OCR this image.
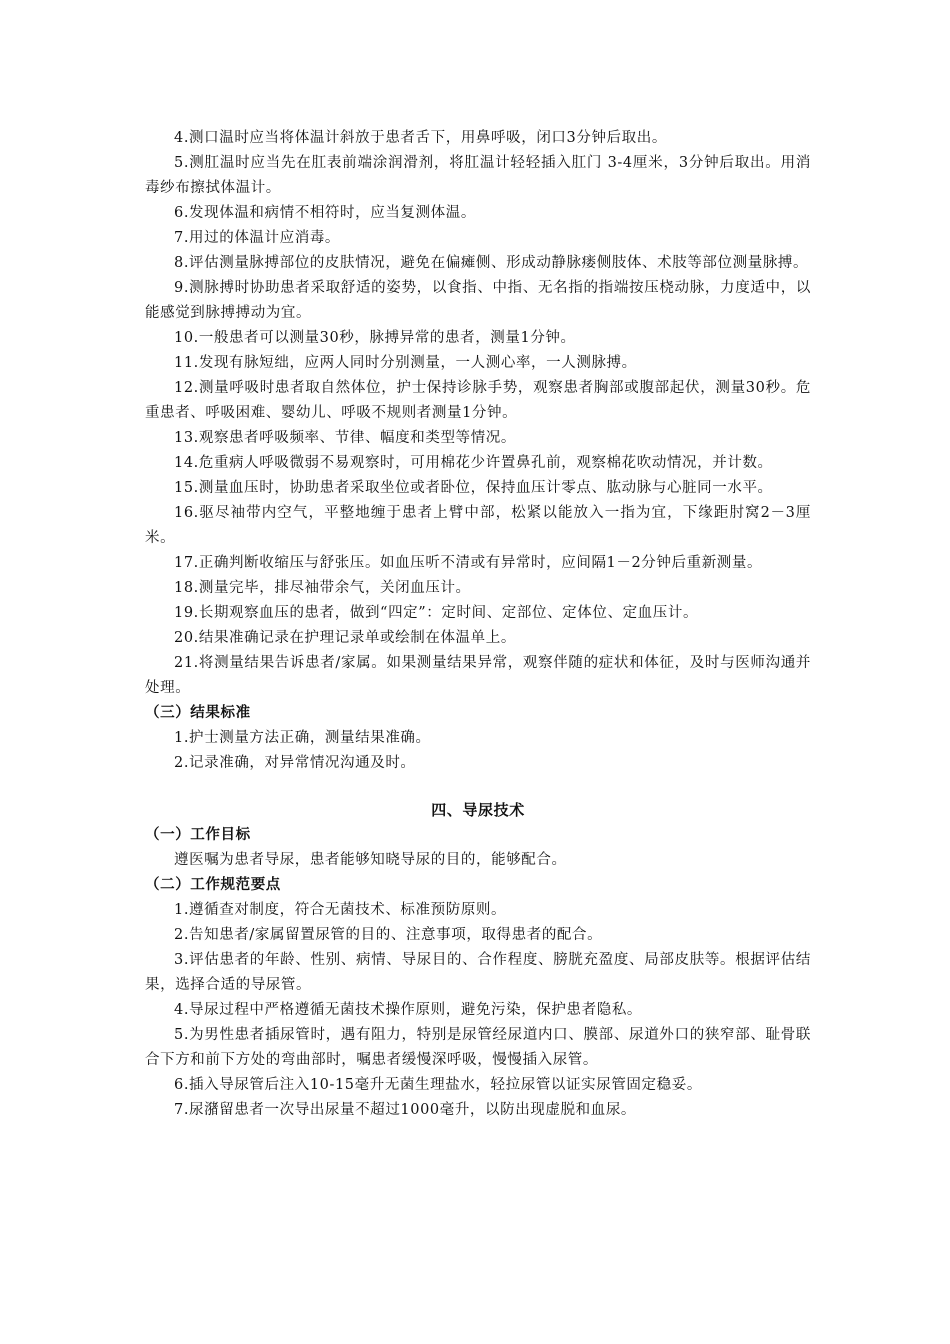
4.测口温时应当将体温计斜放于患者舌下，用鼻呼吸，闭口3分钟后取出。

5.测肛温时应当先在肛表前端涂润滑剂，将肛温计轻轻插入肛门 3-4厘米，3分钟后取出。用消毒纱布擦拭体温计。

6.发现体温和病情不相符时，应当复测体温。

7.用过的体温计应消毒。

8.评估测量脉搏部位的皮肤情况，避免在偏瘫侧、形成动静脉瘘侧肢体、术肢等部位测量脉搏。

9.测脉搏时协助患者采取舒适的姿势，以食指、中指、无名指的指端按压桡动脉，力度适中，以能感觉到脉搏搏动为宜。

10.一般患者可以测量30秒，脉搏异常的患者，测量1分钟。

11.发现有脉短绌，应两人同时分别测量，一人测心率，一人测脉搏。

12.测量呼吸时患者取自然体位，护士保持诊脉手势，观察患者胸部或腹部起伏，测量30秒。危重患者、呼吸困难、婴幼儿、呼吸不规则者测量1分钟。

13.观察患者呼吸频率、节律、幅度和类型等情况。

14.危重病人呼吸微弱不易观察时，可用棉花少许置鼻孔前，观察棉花吹动情况，并计数。

15.测量血压时，协助患者采取坐位或者卧位，保持血压计零点、肱动脉与心脏同一水平。

16.驱尽袖带内空气，平整地缠于患者上臂中部，松紧以能放入一指为宜，下缘距肘窝2－3厘米。

17.正确判断收缩压与舒张压。如血压听不清或有异常时，应间隔1－2分钟后重新测量。

18.测量完毕，排尽袖带余气，关闭血压计。

19.长期观察血压的患者，做到“四定”：定时间、定部位、定体位、定血压计。

20.结果准确记录在护理记录单或绘制在体温单上。

21.将测量结果告诉患者/家属。如果测量结果异常，观察伴随的症状和体征，及时与医师沟通并处理。

（三）结果标准

1.护士测量方法正确，测量结果准确。

2.记录准确，对异常情况沟通及时。

四、导尿技术

（一）工作目标

遵医嘱为患者导尿，患者能够知晓导尿的目的，能够配合。

（二）工作规范要点

1.遵循查对制度，符合无菌技术、标准预防原则。

2.告知患者/家属留置尿管的目的、注意事项，取得患者的配合。

3.评估患者的年龄、性别、病情、导尿目的、合作程度、膀胱充盈度、局部皮肤等。根据评估结果，选择合适的导尿管。

4.导尿过程中严格遵循无菌技术操作原则，避免污染，保护患者隐私。

5.为男性患者插尿管时，遇有阻力，特别是尿管经尿道内口、膜部、尿道外口的狭窄部、耻骨联合下方和前下方处的弯曲部时，嘱患者缓慢深呼吸，慢慢插入尿管。

6.插入导尿管后注入10-15毫升无菌生理盐水，轻拉尿管以证实尿管固定稳妥。

7.尿潴留患者一次导出尿量不超过1000毫升，以防出现虚脱和血尿。
